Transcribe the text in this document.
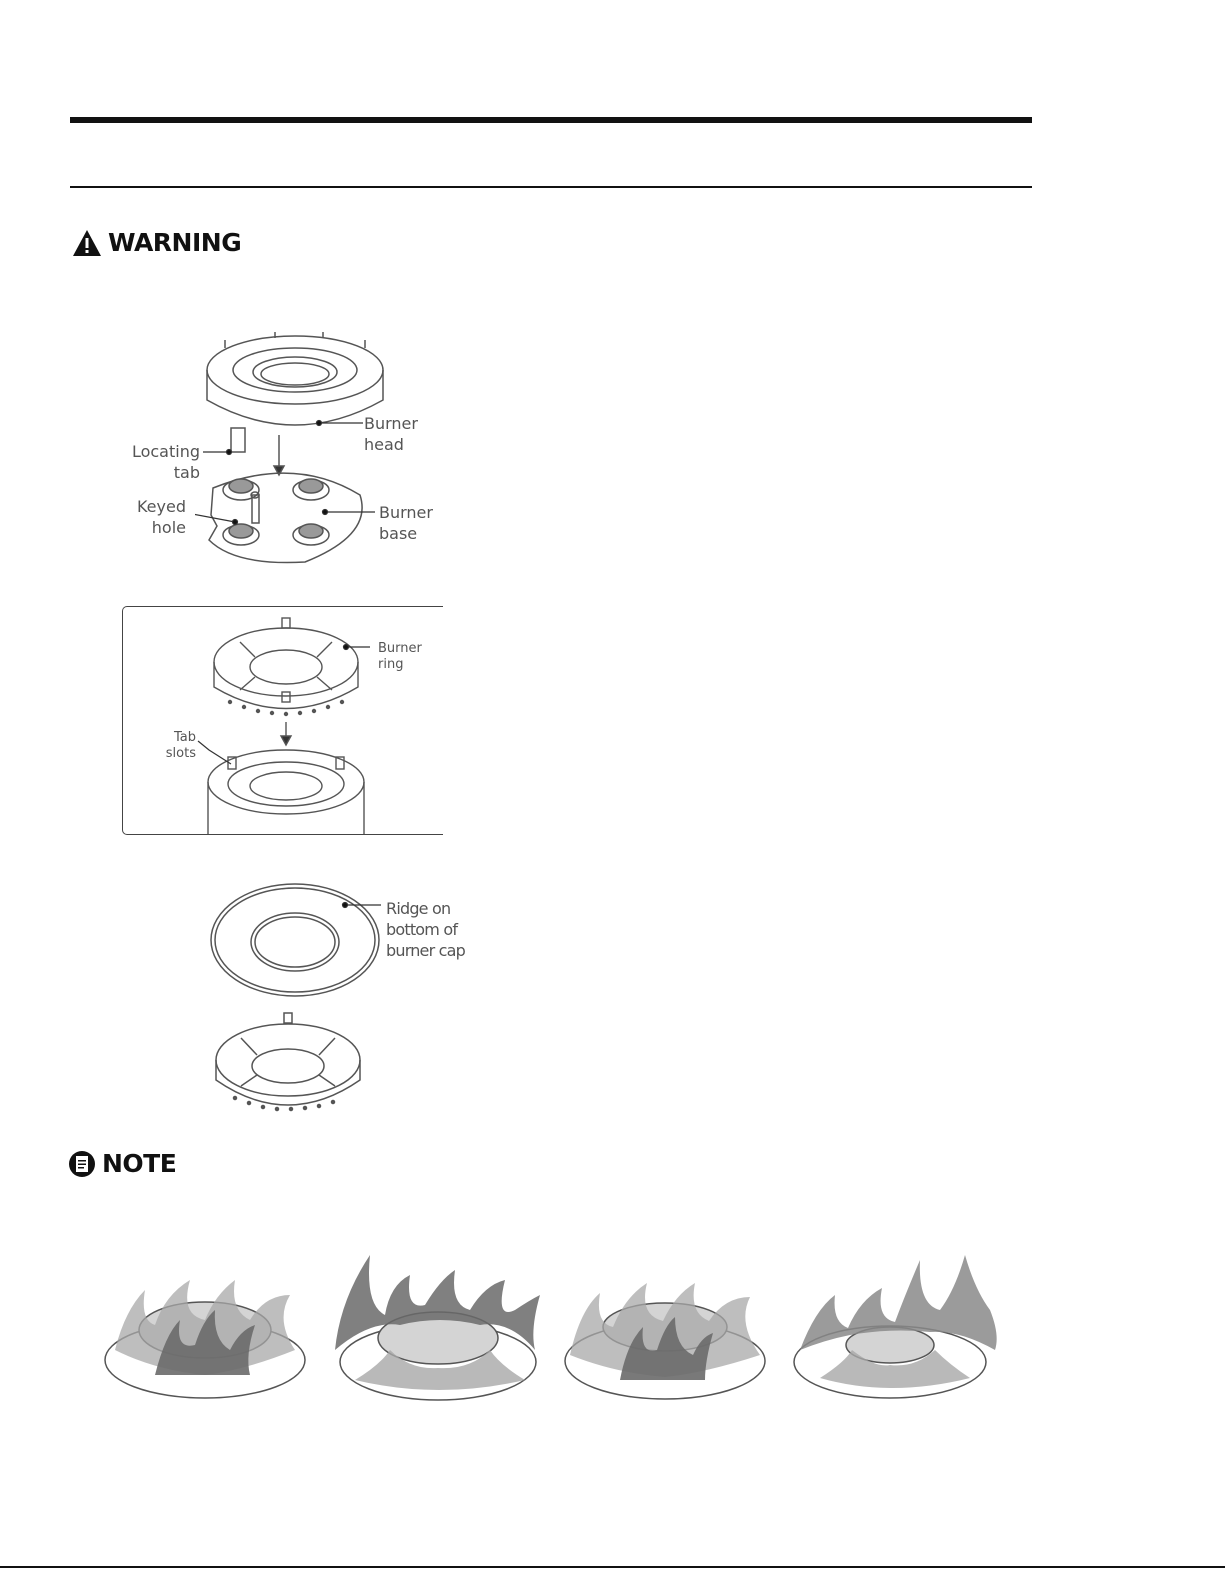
WARNING
Locating
tab
Burner
head
Keyed
hole
Burner
base
Burner
ring
Tab
slots
Ridge on
bottom of
burner cap
NOTE
